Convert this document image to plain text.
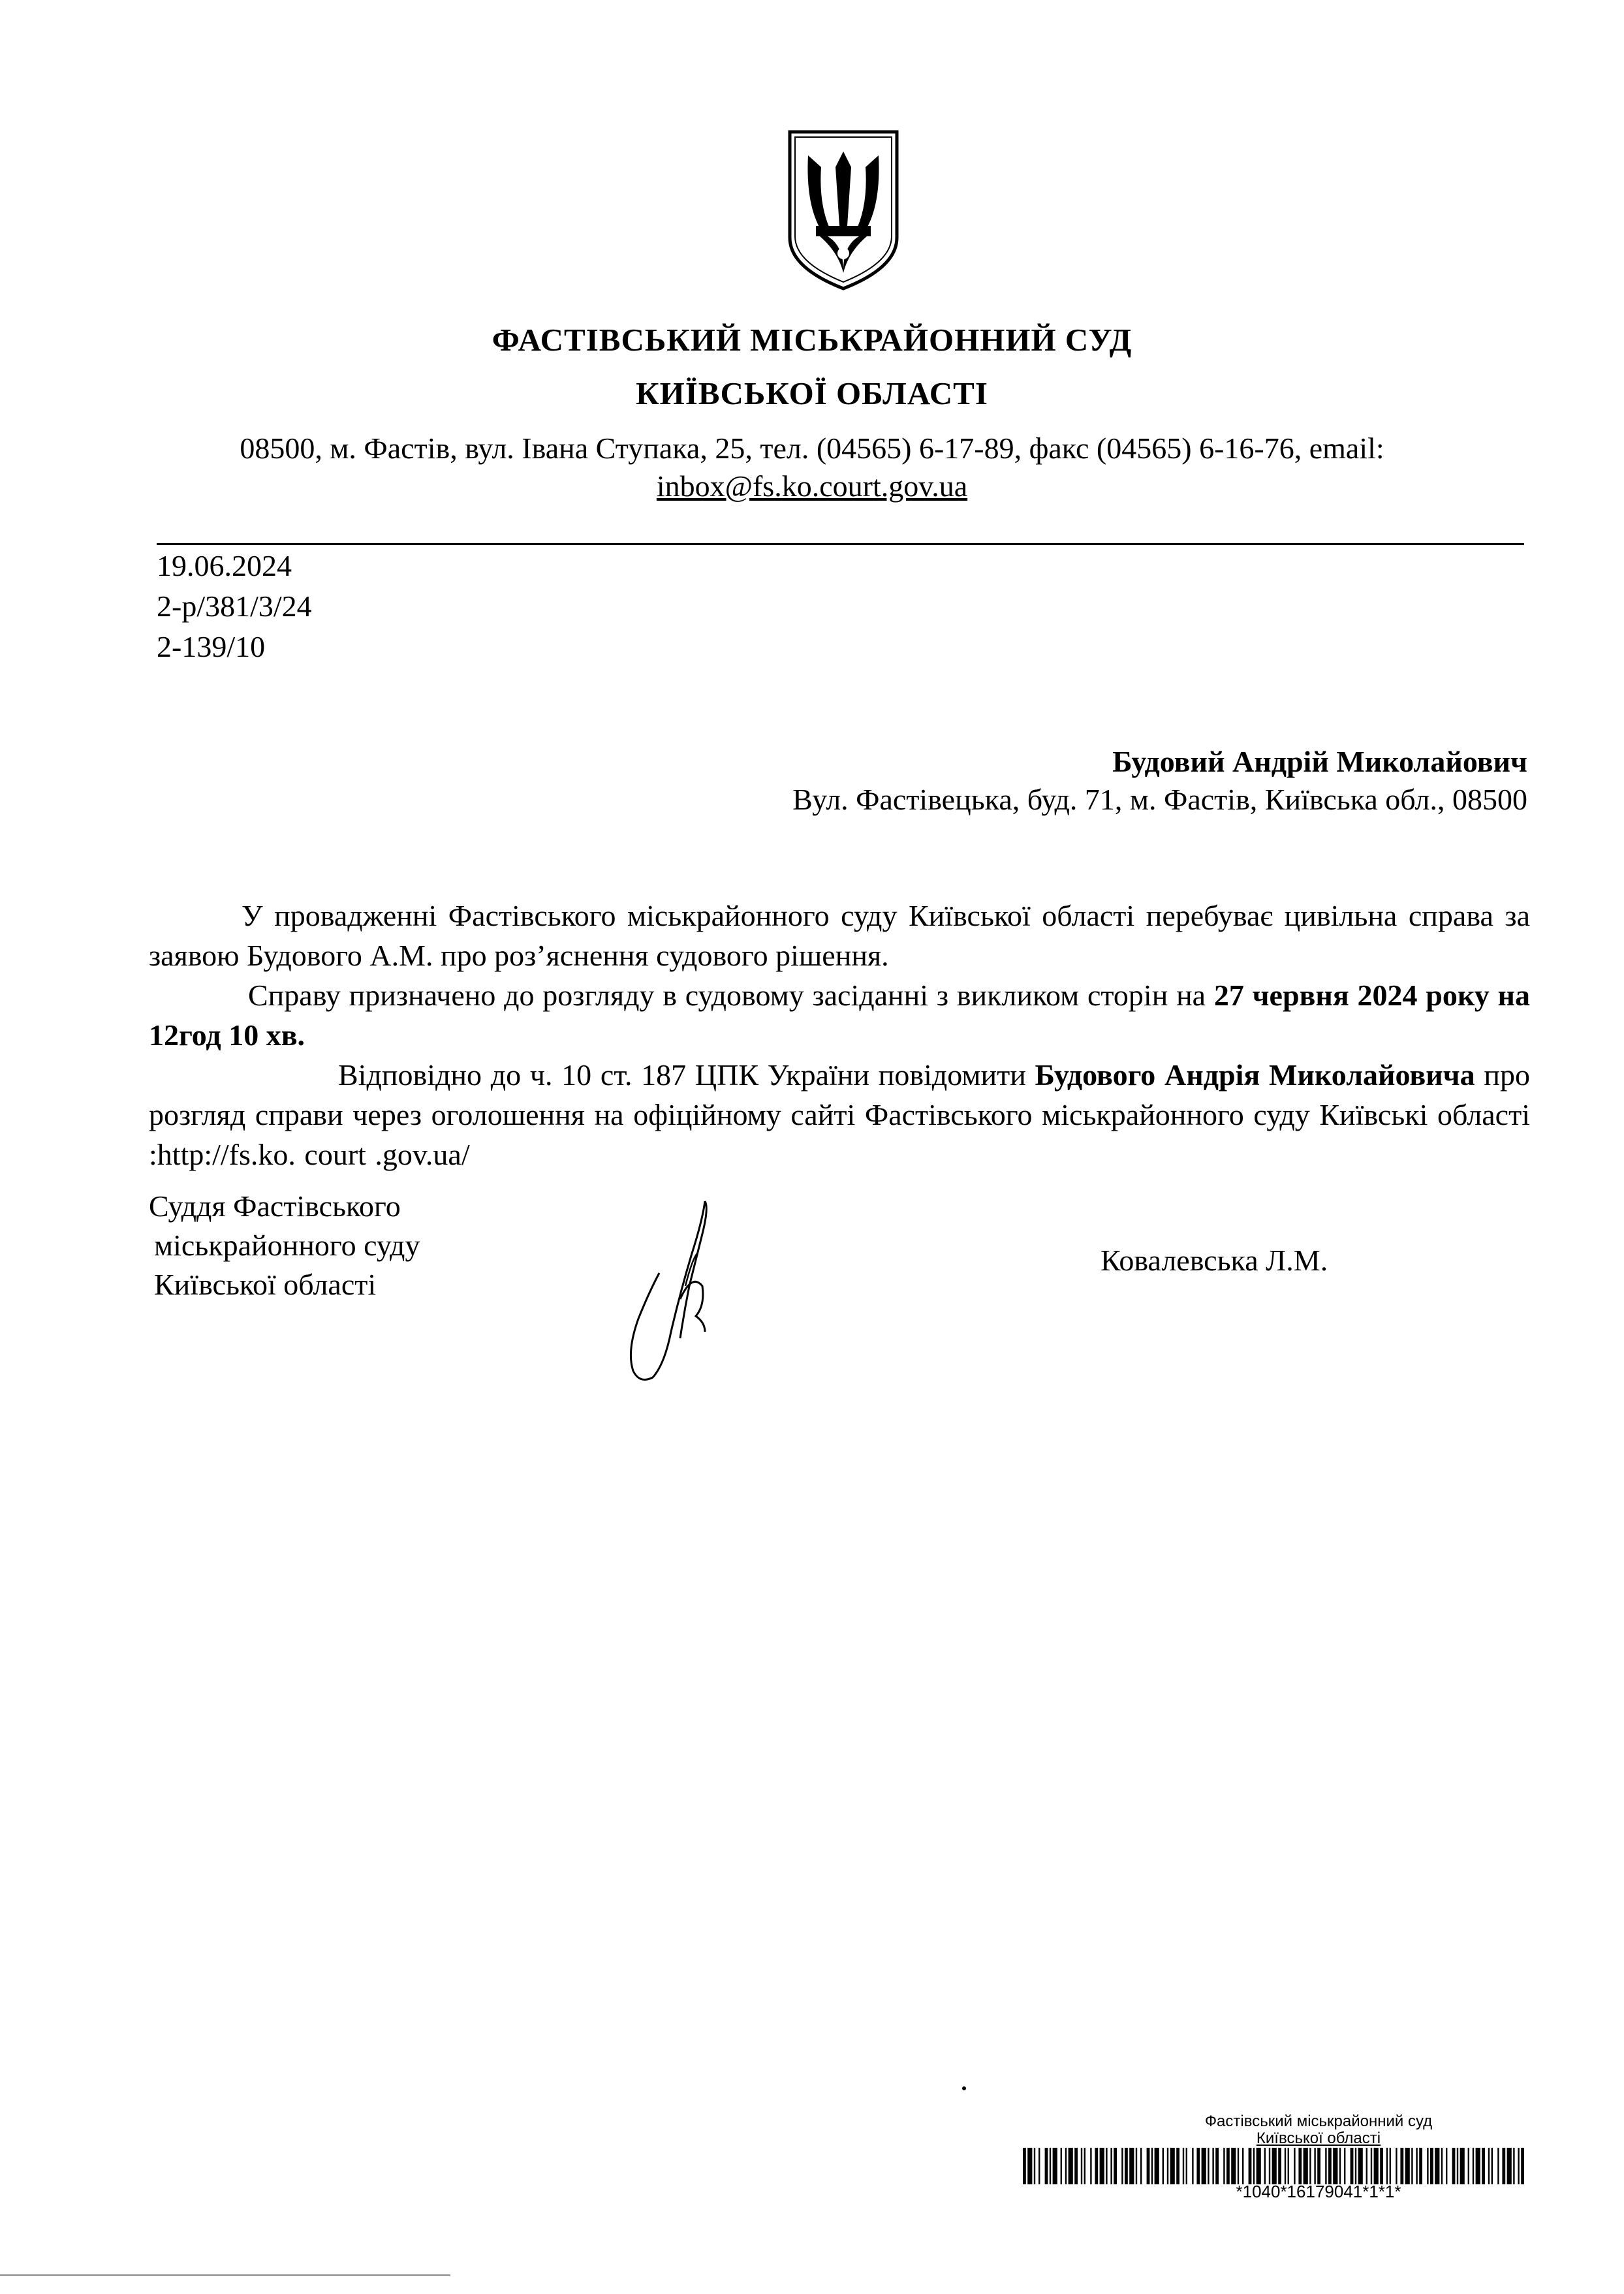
ФАСТІВСЬКИЙ МІСЬКРАЙОННИЙ СУД
КИЇВСЬКОЇ ОБЛАСТІ
08500, м. Фастів, вул. Івана Ступака, 25, тел. (04565) 6-17-89, факс (04565) 6-16-76, email:
inbox@fs.ko.court.gov.ua
19.06.2024
2-р/381/3/24
2-139/10
Будовий Андрій Миколайович
Вул. Фастівецька, буд. 71, м. Фастів, Київська обл., 08500
У провадженні Фастівського міськрайонного суду Київської області перебуває цивільна справа за заявою Будового А.М. про роз’яснення судового рішення.
Справу призначено до розгляду в судовому засіданні з викликом сторін на 27 червня 2024 року на 12год 10 хв.
Відповідно до ч. 10 ст. 187 ЦПК України повідомити Будового Андрія Миколайовича про розгляд справи через оголошення на офіційному сайті Фастівського міськрайонного суду Київські області :http://fs.ko. court .gov.ua/
Суддя Фастівського
міськрайонного суду
Київської області
Ковалевська Л.М.
Фастівський міськрайонний суд
Київської області
*1040*16179041*1*1*
